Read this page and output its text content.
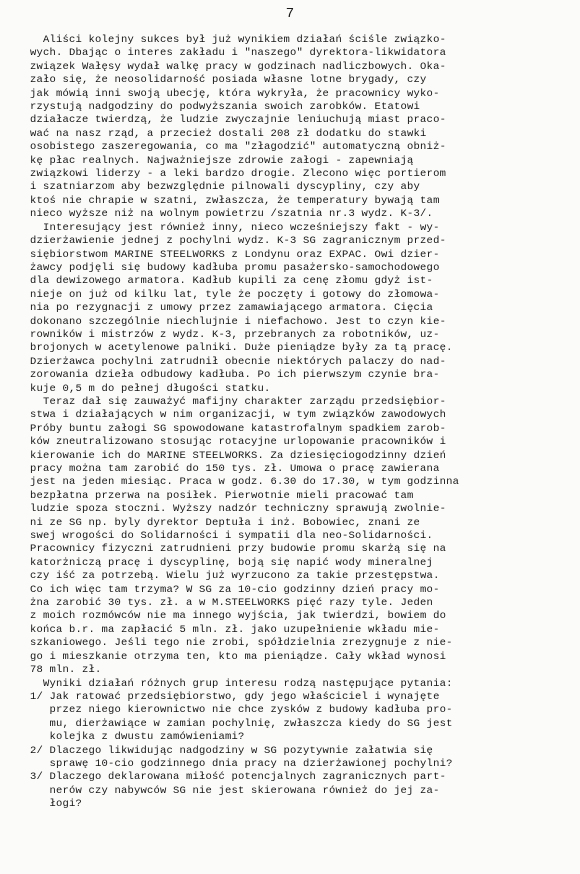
7
Aliści kolejny sukces był już wynikiem działań ściśle związko-
wych. Dbając o interes zakładu i "naszego" dyrektora-likwidatora
związek Wałęsy wydał walkę pracy w godzinach nadliczbowych. Oka-
zało się, że neosolidarność posiada własne lotne brygady, czy
jak mówią inni swoją ubecję, która wykryła, że pracownicy wyko-
rzystują nadgodziny do podwyższania swoich zarobków. Etatowi
działacze twierdzą, że ludzie zwyczajnie leniuchują miast praco-
wać na nasz rząd, a przecież dostali 208 zł dodatku do stawki
osobistego zaszeregowania, co ma "złagodzić" automatyczną obniż-
kę płac realnych. Najważniejsze zdrowie załogi - zapewniają
związkowi liderzy - a leki bardzo drogie. Zlecono więc portierom
i szatniarzom aby bezwzględnie pilnowali dyscypliny, czy aby
ktoś nie chrapie w szatni, zwłaszcza, że temperatury bywają tam
nieco wyższe niż na wolnym powietrzu /szatnia nr.3 wydz. K-3/.
Interesujący jest również inny, nieco wcześniejszy fakt - wy-
dzierżawienie jednej z pochylni wydz. K-3 SG zagranicznym przed-
siębiorstwom MARINE STEELWORKS z Londynu oraz EXPAC. Owi dzier-
żawcy podjęli się budowy kadłuba promu pasażersko-samochodowego
dla dewizowego armatora. Kadłub kupili za cenę złomu gdyż ist-
nieje on już od kilku lat, tyle że poczęty i gotowy do złomowa-
nia po rezygnacji z umowy przez zamawiającego armatora. Cięcia
dokonano szczególnie niechlujnie i niefachowo. Jest to czyn kie-
rowników i mistrzów z wydz. K-3, przebranych za robotników, uz-
brojonych w acetylenowe palniki. Duże pieniądze były za tą pracę.
Dzierżawca pochylni zatrudnił obecnie niektórych palaczy do nad-
zorowania dzieła odbudowy kadłuba. Po ich pierwszym czynie bra-
kuje 0,5 m do pełnej długości statku.
Teraz dał się zauważyć mafijny charakter zarządu przedsiębior-
stwa i działających w nim organizacji, w tym związków zawodowych
Próby buntu załogi SG spowodowane katastrofalnym spadkiem zarob-
ków zneutralizowano stosując rotacyjne urlopowanie pracowników i
kierowanie ich do MARINE STEELWORKS. Za dziesięciogodzinny dzień
pracy można tam zarobić do 150 tys. zł. Umowa o pracę zawierana
jest na jeden miesiąc. Praca w godz. 6.30 do 17.30, w tym godzinna
bezpłatna przerwa na posiłek. Pierwotnie mieli pracować tam
ludzie spoza stoczni. Wyższy nadzór techniczny sprawują zwolnie-
ni ze SG np. byly dyrektor Deptuła i inż. Bobowiec, znani ze
swej wrogości do Solidarności i sympatii dla neo-Solidarności.
Pracownicy fizyczni zatrudnieni przy budowie promu skarżą się na
katorżniczą pracę i dyscyplinę, boją się napić wody mineralnej
czy iść za potrzebą. Wielu już wyrzucono za takie przestępstwa.
Co ich więc tam trzyma? W SG za 10-cio godzinny dzień pracy mo-
żna zarobić 30 tys. zł. a w M.STEELWORKS pięć razy tyle. Jeden
z moich rozmówców nie ma innego wyjścia, jak twierdzi, bowiem do
końca b.r. ma zapłacić 5 mln. zł. jako uzupełnienie wkładu mie-
szkaniowego. Jeśli tego nie zrobi, spółdzielnia zrezygnuje z nie-
go i mieszkanie otrzyma ten, kto ma pieniądze. Cały wkład wynosi
78 mln. zł.
Wyniki działań różnych grup interesu rodzą następujące pytania:
1/ Jak ratować przedsiębiorstwo, gdy jego właściciel i wynajęte
przez niego kierownictwo nie chce zysków z budowy kadłuba pro-
mu, dierżawiące w zamian pochylnię, zwłaszcza kiedy do SG jest
kolejka z dwustu zamówieniami?
2/ Dlaczego likwidując nadgodziny w SG pozytywnie załatwia się
sprawę 10-cio godzinnego dnia pracy na dzierżawionej pochylni?
3/ Dlaczego deklarowana miłość potencjalnych zagranicznych part-
nerów czy nabywców SG nie jest skierowana również do jej za-
łogi?
